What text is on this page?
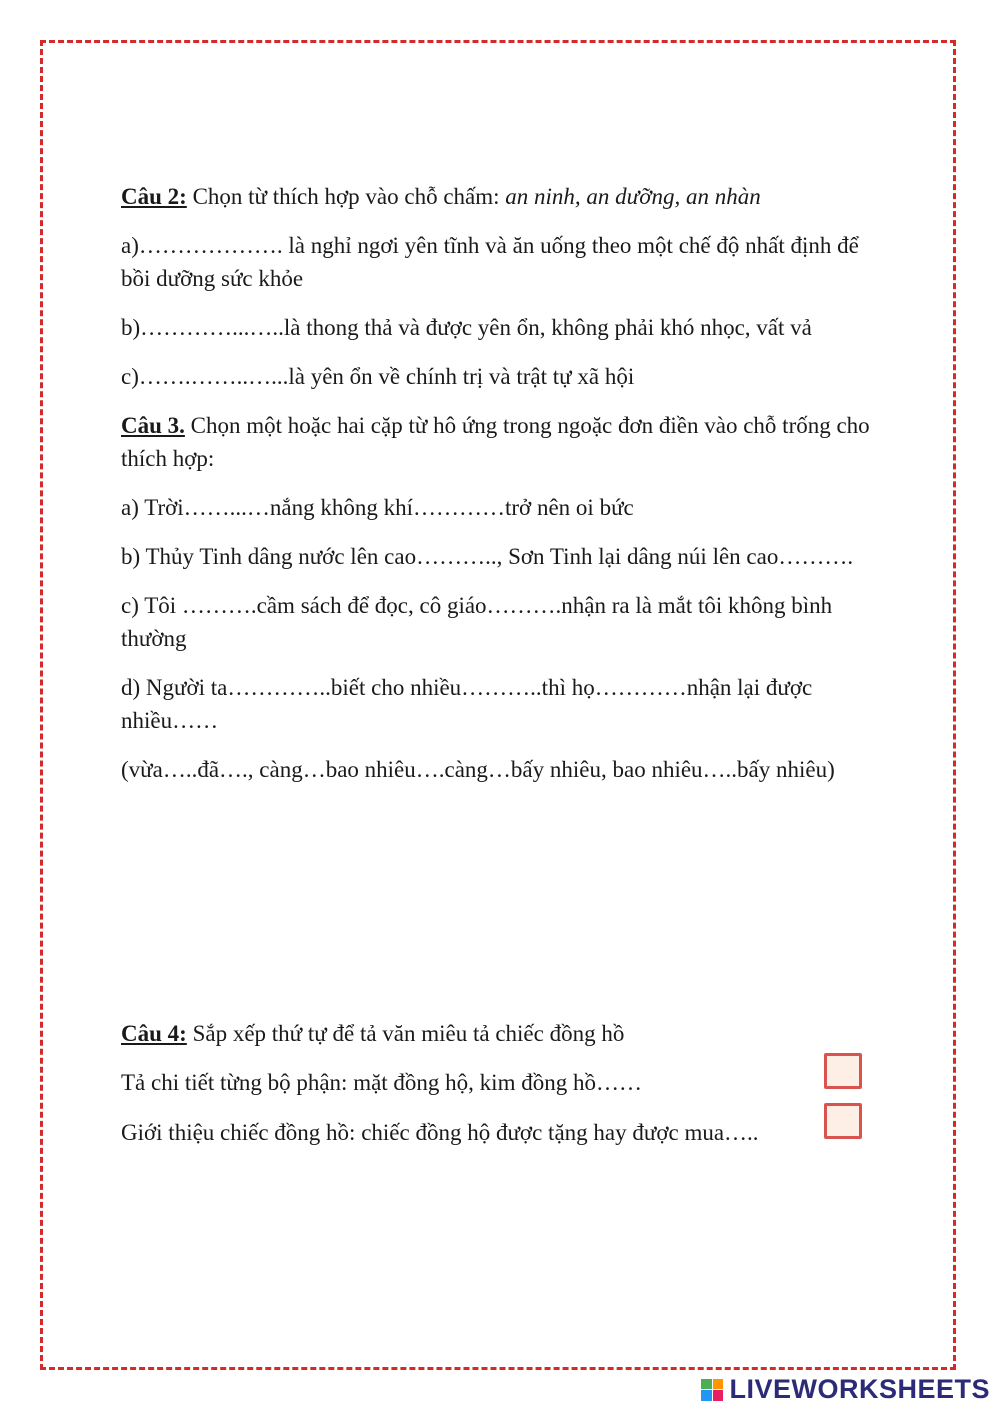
Câu 2: Chọn từ thích hợp vào chỗ chấm: an ninh, an dưỡng, an nhàn

a)………………. là nghỉ ngơi yên tĩnh và ăn uống theo một chế độ nhất định để bồi dưỡng sức khỏe

b)…………...…..là thong thả và được yên ổn, không phải khó nhọc, vất vả

c)…….……..…...là yên ổn về chính trị và trật tự xã hội

Câu 3. Chọn một hoặc hai cặp từ hô ứng trong ngoặc đơn điền vào chỗ trống cho thích hợp:

a) Trời……...…nắng không khí…………trở nên oi bức

b) Thủy Tinh dâng nước lên cao……….., Sơn Tinh lại dâng núi lên cao……….

c) Tôi ……….cầm sách để đọc, cô giáo……….nhận ra là mắt tôi không bình thường

d) Người ta…………..biết cho nhiều………..thì họ…………nhận lại được nhiều……

(vừa…..đã…., càng…bao nhiêu….càng…bấy nhiêu, bao nhiêu…..bấy nhiêu)

Câu 4: Sắp xếp thứ tự để tả văn miêu tả chiếc đồng hồ

Tả chi tiết từng bộ phận: mặt đồng hộ, kim đồng hồ……

Giới thiệu chiếc đồng hồ: chiếc đồng hộ được tặng hay được mua…..

LIVEWORKSHEETS
